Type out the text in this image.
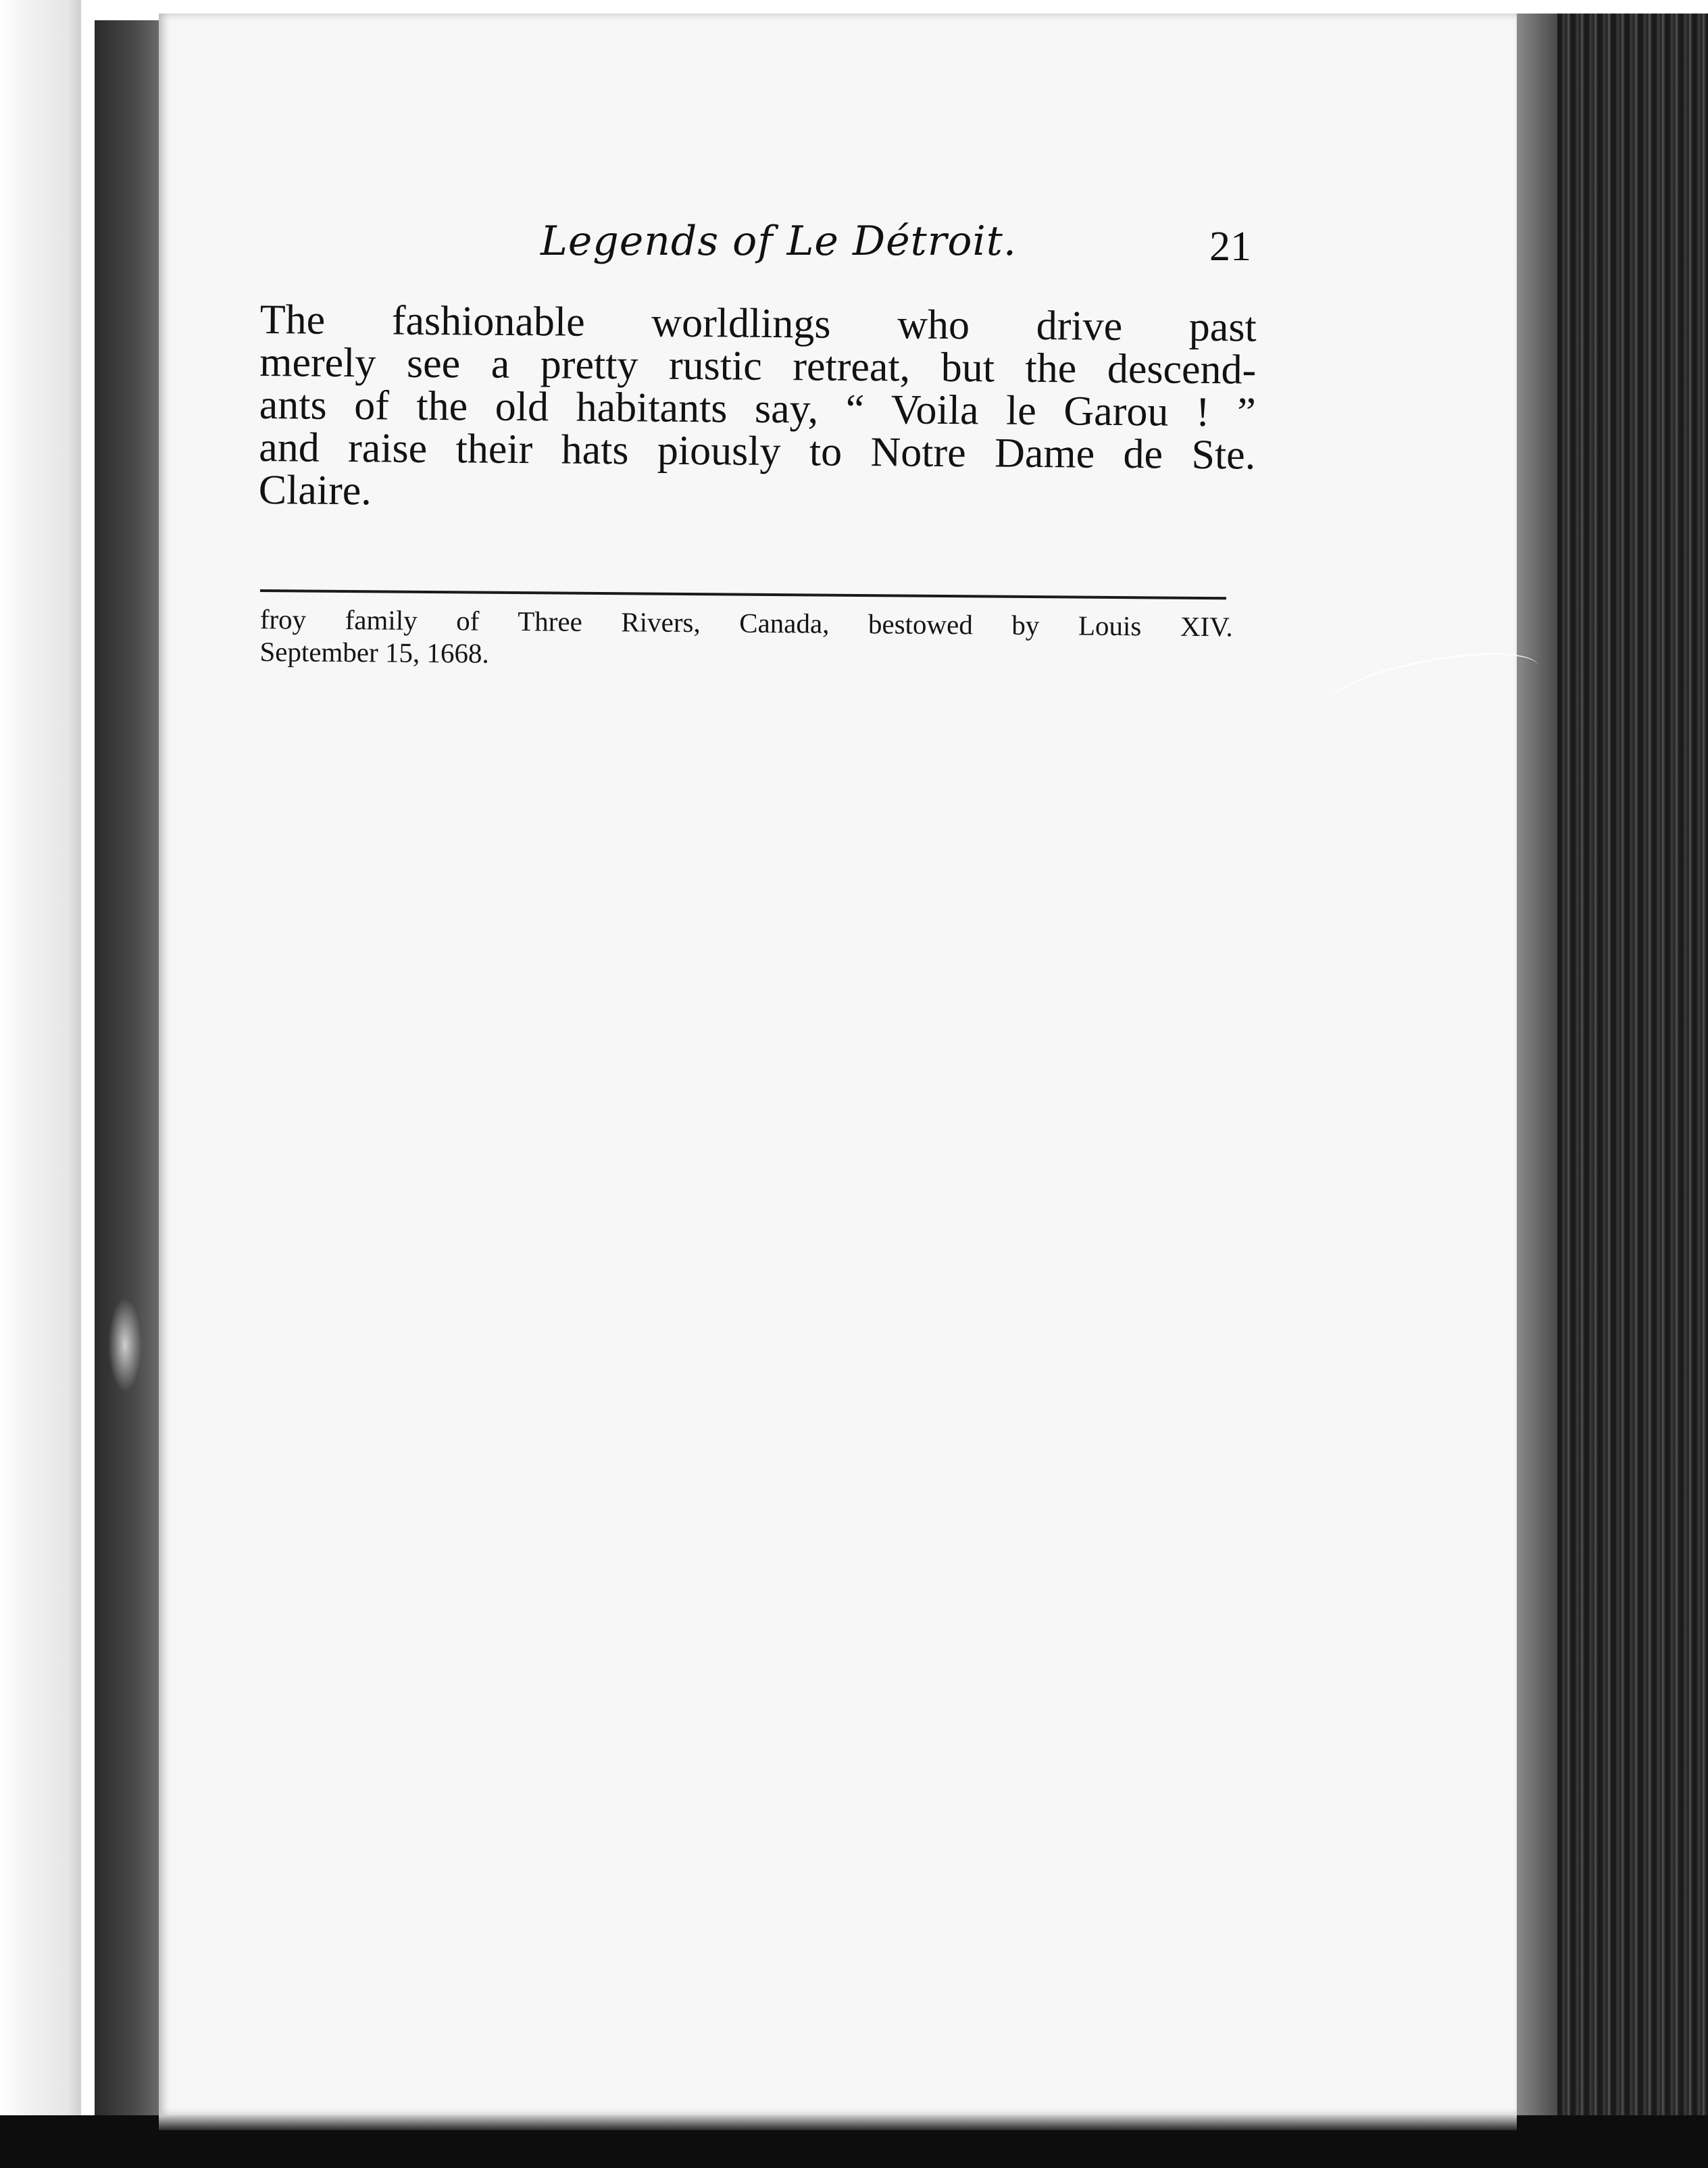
Legends of Le Détroit.	21
The fashionable worldlings who drive past
merely see a pretty rustic retreat, but the descend-
ants of the old habitants say, “ Voila le Garou ! ”
and raise their hats piously to Notre Dame de Ste.
Claire.
froy family of Three Rivers, Canada, bestowed by Louis XIV.
September 15, 1668.
